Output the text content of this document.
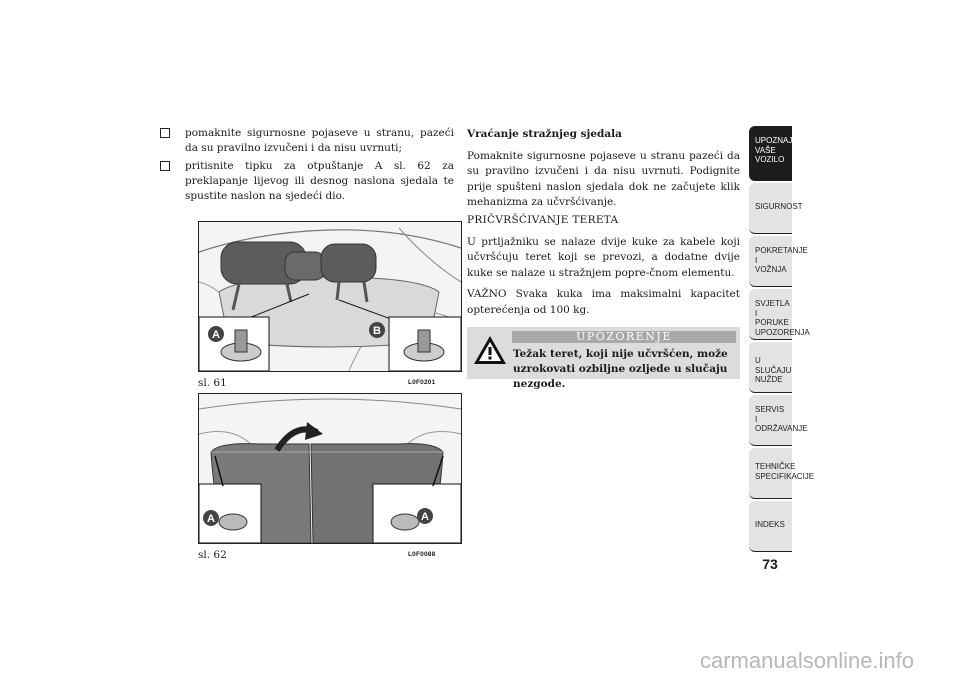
pomaknite sigurnosne pojaseve u stranu, pazeći da su pravilno izvučeni i da nisu uvrnuti;
pritisnite tipku za otpuštanje A sl. 62 za preklapanje lijevog ili desnog naslona sjedala te spustite naslon na sjedeći dio.
A	B
sl. 61	L0F0201
A	A
sl. 62	L0F0088

Vraćanje stražnjeg sjedala

Pomaknite sigurnosne pojaseve u stranu pazeći da su pravilno izvučeni i da nisu uvrnuti. Podignite prije spušteni naslon sjedala dok ne začujete klik mehanizma za učvršćivanje.

PRIČVRŠĆIVANJE TERETA

U prtljažniku se nalaze dvije kuke za kabele koji učvršćuju teret koji se prevozi, a dodatne dvije kuke se nalaze u stražnjem popre-čnom elementu.

VAŽNO Svaka kuka ima maksimalni kapacitet opterećenja od 100 kg.

UPOZORENJE
Težak teret, koji nije učvršćen, može uzrokovati ozbiljne ozljede u slučaju nezgode.
UPOZNAJTE
VAŠE
VOZILO
SIGURNOST
POKRETANJE
I
VOŽNJA
SVJETLA I
PORUKE
UPOZORENJA
U SLUČAJU
NUŽDE
SERVIS
I
ODRŽAVANJE
TEHNIČKE
SPECIFIKACIJE
INDEKS
73
carmanualsonline.info
